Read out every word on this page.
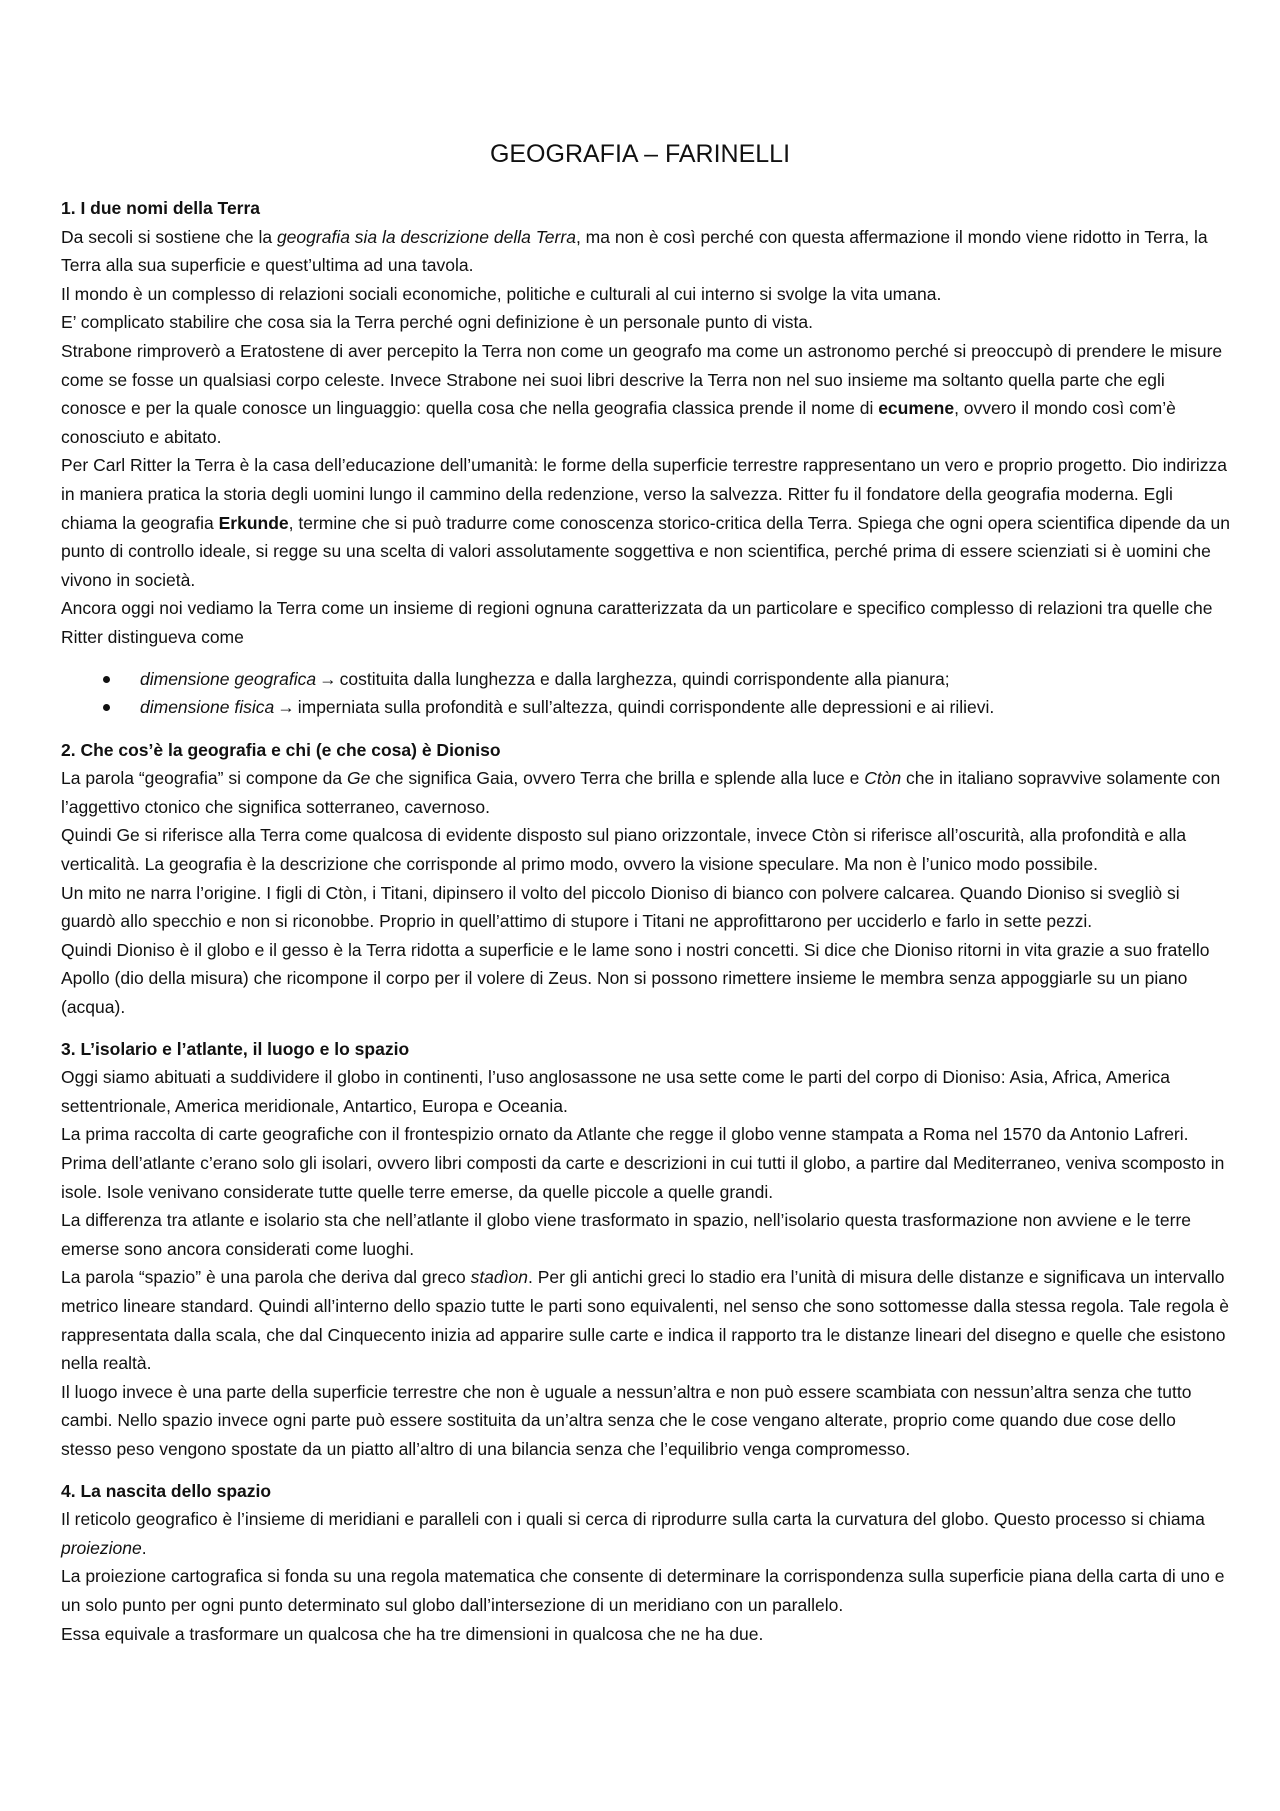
GEOGRAFIA – FARINELLI

1. I due nomi della Terra

Da secoli si sostiene che la geografia sia la descrizione della Terra, ma non è così perché con questa affermazione il mondo viene ridotto in Terra, la Terra alla sua superficie e quest’ultima ad una tavola.

Il mondo è un complesso di relazioni sociali economiche, politiche e culturali al cui interno si svolge la vita umana.

E’ complicato stabilire che cosa sia la Terra perché ogni definizione è un personale punto di vista.

Strabone rimproverò a Eratostene di aver percepito la Terra non come un geografo ma come un astronomo perché si preoccupò di prendere le misure come se fosse un qualsiasi corpo celeste. Invece Strabone nei suoi libri descrive la Terra non nel suo insieme ma soltanto quella parte che egli conosce e per la quale conosce un linguaggio: quella cosa che nella geografia classica prende il nome di ecumene, ovvero il mondo così com’è conosciuto e abitato.

Per Carl Ritter la Terra è la casa dell’educazione dell’umanità: le forme della superficie terrestre rappresentano un vero e proprio progetto. Dio indirizza in maniera pratica la storia degli uomini lungo il cammino della redenzione, verso la salvezza. Ritter fu il fondatore della geografia moderna. Egli chiama la geografia Erkunde, termine che si può tradurre come conoscenza storico-critica della Terra. Spiega che ogni opera scientifica dipende da un punto di controllo ideale, si regge su una scelta di valori assolutamente soggettiva e non scientifica, perché prima di essere scienziati si è uomini che vivono in società.

Ancora oggi noi vediamo la Terra come un insieme di regioni ognuna caratterizzata da un particolare e specifico complesso di relazioni tra quelle che Ritter distingueva come

dimensione geografica → costituita dalla lunghezza e dalla larghezza, quindi corrispondente alla pianura;
dimensione fisica → imperniata sulla profondità e sull’altezza, quindi corrispondente alle depressioni e ai rilievi.

2. Che cos’è la geografia e chi (e che cosa) è Dioniso

La parola “geografia” si compone da Ge che significa Gaia, ovvero Terra che brilla e splende alla luce e Ctòn che in italiano sopravvive solamente con l’aggettivo ctonico che significa sotterraneo, cavernoso.

Quindi Ge si riferisce alla Terra come qualcosa di evidente disposto sul piano orizzontale, invece Ctòn si riferisce all’oscurità, alla profondità e alla verticalità. La geografia è la descrizione che corrisponde al primo modo, ovvero la visione speculare. Ma non è l’unico modo possibile.

Un mito ne narra l’origine. I figli di Ctòn, i Titani, dipinsero il volto del piccolo Dioniso di bianco con polvere calcarea. Quando Dioniso si svegliò si guardò allo specchio e non si riconobbe. Proprio in quell’attimo di stupore i Titani ne approfittarono per ucciderlo e farlo in sette pezzi.

Quindi Dioniso è il globo e il gesso è la Terra ridotta a superficie e le lame sono i nostri concetti. Si dice che Dioniso ritorni in vita grazie a suo fratello Apollo (dio della misura) che ricompone il corpo per il volere di Zeus. Non si possono rimettere insieme le membra senza appoggiarle su un piano (acqua).

3. L’isolario e l’atlante, il luogo e lo spazio

Oggi siamo abituati a suddividere il globo in continenti, l’uso anglosassone ne usa sette come le parti del corpo di Dioniso: Asia, Africa, America settentrionale, America meridionale, Antartico, Europa e Oceania.

La prima raccolta di carte geografiche con il frontespizio ornato da Atlante che regge il globo venne stampata a Roma nel 1570 da Antonio Lafreri. Prima dell’atlante c’erano solo gli isolari, ovvero libri composti da carte e descrizioni in cui tutti il globo, a partire dal Mediterraneo, veniva scomposto in isole. Isole venivano considerate tutte quelle terre emerse, da quelle piccole a quelle grandi.

La differenza tra atlante e isolario sta che nell’atlante il globo viene trasformato in spazio, nell’isolario questa trasformazione non avviene e le terre emerse sono ancora considerati come luoghi.

La parola “spazio” è una parola che deriva dal greco stadìon. Per gli antichi greci lo stadio era l’unità di misura delle distanze e significava un intervallo metrico lineare standard. Quindi all’interno dello spazio tutte le parti sono equivalenti, nel senso che sono sottomesse dalla stessa regola. Tale regola è rappresentata dalla scala, che dal Cinquecento inizia ad apparire sulle carte e indica il rapporto tra le distanze lineari del disegno e quelle che esistono nella realtà.

Il luogo invece è una parte della superficie terrestre che non è uguale a nessun’altra e non può essere scambiata con nessun’altra senza che tutto cambi. Nello spazio invece ogni parte può essere sostituita da un’altra senza che le cose vengano alterate, proprio come quando due cose dello stesso peso vengono spostate da un piatto all’altro di una bilancia senza che l’equilibrio venga compromesso.

4. La nascita dello spazio

Il reticolo geografico è l’insieme di meridiani e paralleli con i quali si cerca di riprodurre sulla carta la curvatura del globo. Questo processo si chiama proiezione.

La proiezione cartografica si fonda su una regola matematica che consente di determinare la corrispondenza sulla superficie piana della carta di uno e un solo punto per ogni punto determinato sul globo dall’intersezione di un meridiano con un parallelo.

Essa equivale a trasformare un qualcosa che ha tre dimensioni in qualcosa che ne ha due.
